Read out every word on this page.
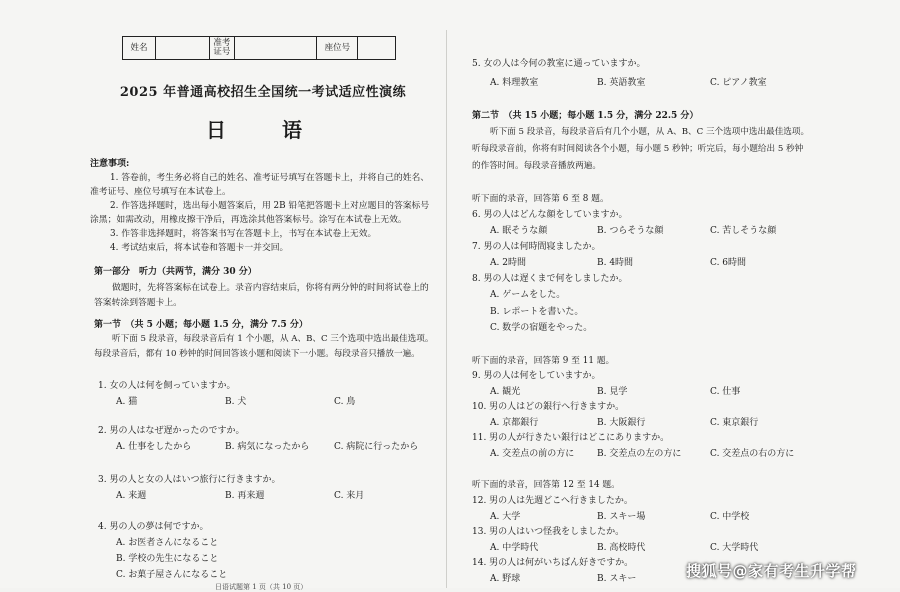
姓名	准考证号	座位号
2025 年普通高校招生全国统一考试适应性演练
日　语
注意事项:
1. 答卷前，考生务必将自己的姓名、准考证号填写在答题卡上，并将自己的姓名、
准考证号、座位号填写在本试卷上。
2. 作答选择题时，选出每小题答案后，用 2B 铅笔把答题卡上对应题目的答案标号
涂黑；如需改动，用橡皮擦干净后，再选涂其他答案标号。涂写在本试卷上无效。
3. 作答非选择题时，将答案书写在答题卡上，书写在本试卷上无效。
4. 考试结束后，将本试卷和答题卡一并交回。
第一部分　听力（共两节，满分 30 分）
做题时，先将答案标在试卷上。录音内容结束后，你将有两分钟的时间将试卷上的
答案转涂到答题卡上。
第一节　（共 5 小题；每小题 1.5 分，满分 7.5 分）
听下面 5 段录音，每段录音后有 1 个小题，从 A、B、C 三个选项中选出最佳选项。
每段录音后，都有 10 秒钟的时间回答该小题和阅读下一小题。每段录音只播放一遍。
1. 女の人は何を飼っていますか。
A. 猫	B. 犬	C. 鳥
2. 男の人はなぜ遅かったのですか。
A. 仕事をしたから	B. 病気になったから	C. 病院に行ったから
3. 男の人と女の人はいつ旅行に行きますか。
A. 来週	B. 再来週	C. 来月
4. 男の人の夢は何ですか。
A. お医者さんになること
B. 学校の先生になること
C. お菓子屋さんになること
日语试题第 1 页（共 10 页）
5. 女の人は今何の教室に通っていますか。
A. 料理教室	B. 英語教室	C. ピアノ教室
第二节　（共 15 小题；每小题 1.5 分，满分 22.5 分）
听下面 5 段录音，每段录音后有几个小题，从 A、B、C 三个选项中选出最佳选项。
听每段录音前，你将有时间阅读各个小题，每小题 5 秒钟；听完后，每小题给出 5 秒钟
的作答时间。每段录音播放两遍。
听下面的录音，回答第 6 至 8 题。
6. 男の人はどんな顔をしていますか。
A. 眠そうな顔	B. つらそうな顔	C. 苦しそうな顔
7. 男の人は何時間寝ましたか。
A. 2時間	B. 4時間	C. 6時間
8. 男の人は遅くまで何をしましたか。
A. ゲームをした。
B. レポートを書いた。
C. 数学の宿題をやった。
听下面的录音，回答第 9 至 11 题。
9. 男の人は何をしていますか。
A. 観光	B. 見学	C. 仕事
10. 男の人はどの銀行へ行きますか。
A. 京都銀行	B. 大阪銀行	C. 東京銀行
11. 男の人が行きたい銀行はどこにありますか。
A. 交差点の前の方に	B. 交差点の左の方に	C. 交差点の右の方に
听下面的录音，回答第 12 至 14 题。
12. 男の人は先週どこへ行きましたか。
A. 大学	B. スキー場	C. 中学校
13. 男の人はいつ怪我をしましたか。
A. 中学時代	B. 高校時代	C. 大学時代
14. 男の人は何がいちばん好きですか。
A. 野球	B. スキー	搜狐号@家有考生升学帮
